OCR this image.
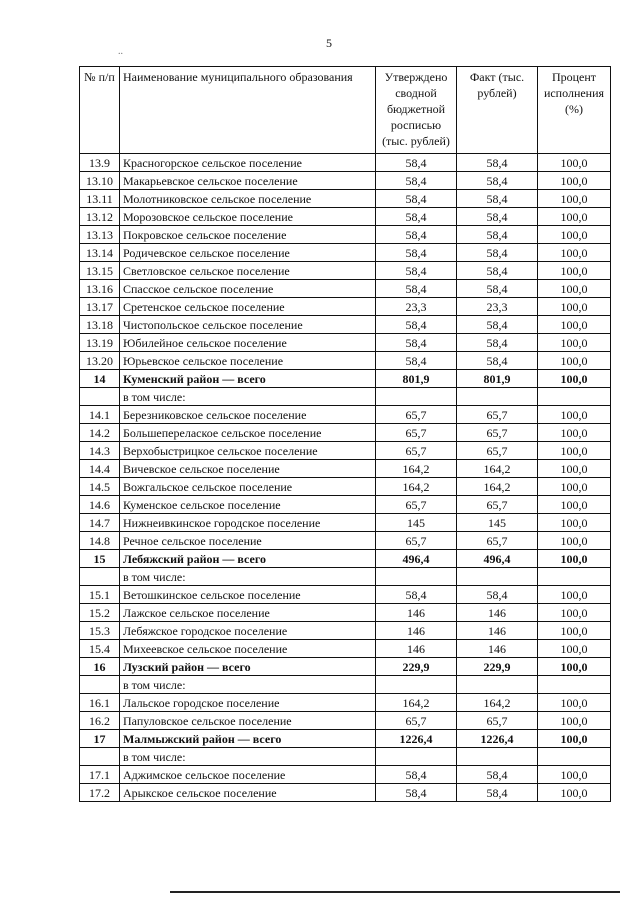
5
..
№ п/п	Наименование муниципального образования	Утверждено сводной бюджетной росписью (тыс. рублей)	Факт (тыс. рублей)	Процент исполнения (%)
13.9	Красногорское сельское поселение	58,4	58,4	100,0
13.10	Макарьевское сельское поселение	58,4	58,4	100,0
13.11	Молотниковское сельское поселение	58,4	58,4	100,0
13.12	Морозовское сельское поселение	58,4	58,4	100,0
13.13	Покровское сельское поселение	58,4	58,4	100,0
13.14	Родичевское сельское поселение	58,4	58,4	100,0
13.15	Светловское сельское поселение	58,4	58,4	100,0
13.16	Спасское сельское поселение	58,4	58,4	100,0
13.17	Сретенское сельское поселение	23,3	23,3	100,0
13.18	Чистопольское сельское поселение	58,4	58,4	100,0
13.19	Юбилейное сельское поселение	58,4	58,4	100,0
13.20	Юрьевское сельское поселение	58,4	58,4	100,0
14	Куменский район — всего	801,9	801,9	100,0
	в том числе:			
14.1	Березниковское сельское поселение	65,7	65,7	100,0
14.2	Большеперелаское сельское поселение	65,7	65,7	100,0
14.3	Верхобыстрицкое сельское поселение	65,7	65,7	100,0
14.4	Вичевское сельское поселение	164,2	164,2	100,0
14.5	Вожгальское сельское поселение	164,2	164,2	100,0
14.6	Куменское сельское поселение	65,7	65,7	100,0
14.7	Нижнеивкинское городское поселение	145	145	100,0
14.8	Речное сельское поселение	65,7	65,7	100,0
15	Лебяжский район — всего	496,4	496,4	100,0
	в том числе:			
15.1	Ветошкинское сельское поселение	58,4	58,4	100,0
15.2	Лажское сельское поселение	146	146	100,0
15.3	Лебяжское городское поселение	146	146	100,0
15.4	Михеевское сельское поселение	146	146	100,0
16	Лузский район — всего	229,9	229,9	100,0
	в том числе:			
16.1	Лальское городское поселение	164,2	164,2	100,0
16.2	Папуловское сельское поселение	65,7	65,7	100,0
17	Малмыжский район — всего	1226,4	1226,4	100,0
	в том числе:			
17.1	Аджимское сельское поселение	58,4	58,4	100,0
17.2	Арыкское сельское поселение	58,4	58,4	100,0
